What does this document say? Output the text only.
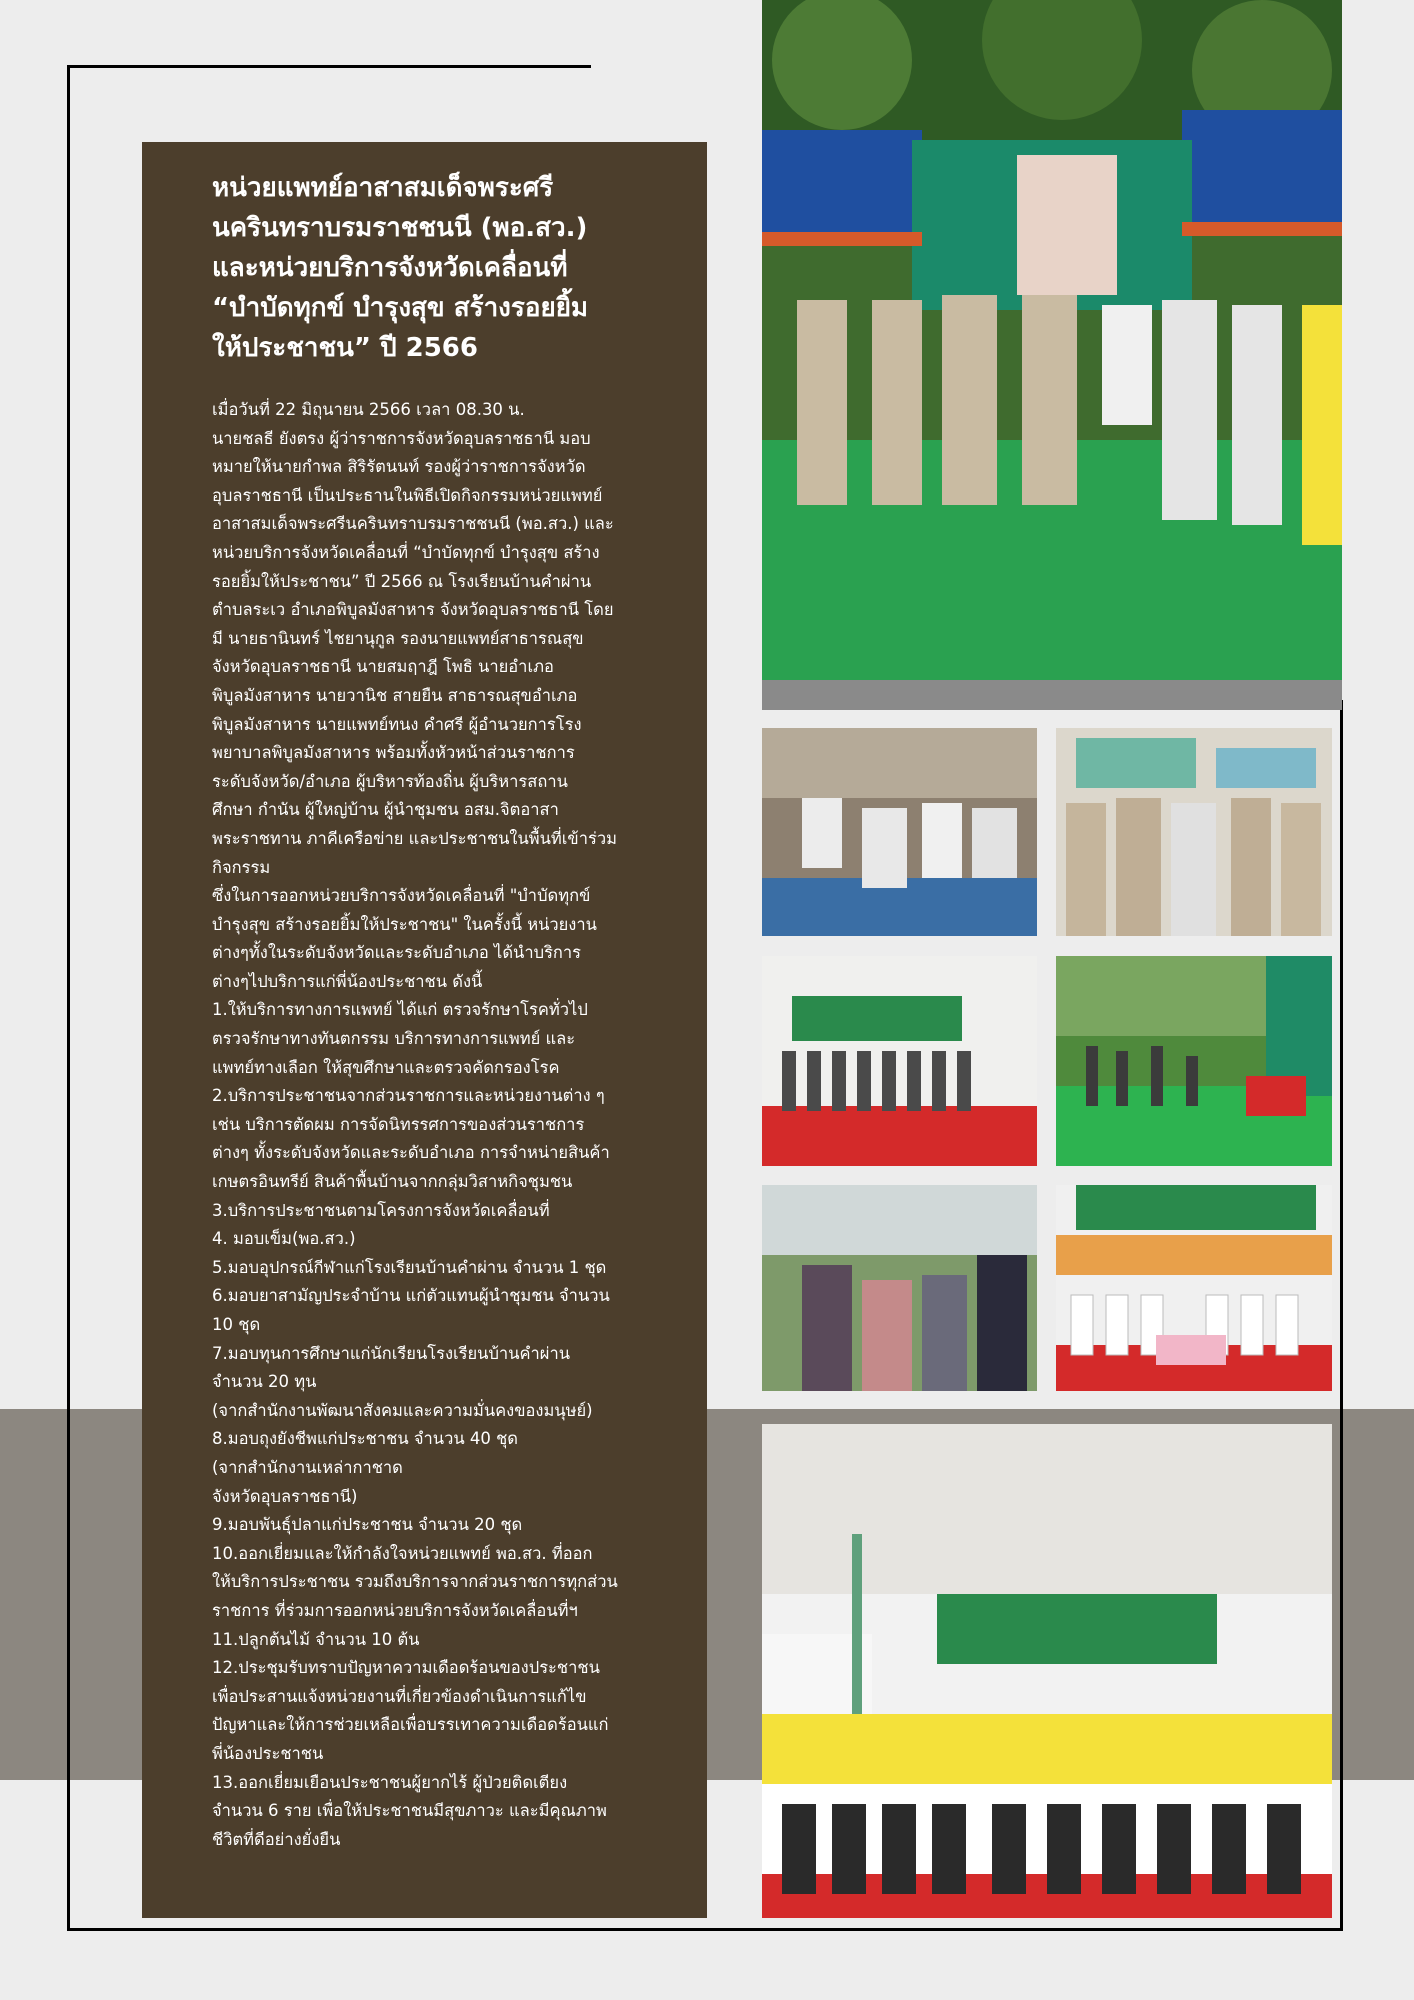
หน่วยแพทย์อาสาสมเด็จพระศรี
นครินทราบรมราชชนนี (พอ.สว.)
และหน่วยบริการจังหวัดเคลื่อนที่
“บำบัดทุกข์ บำรุงสุข สร้างรอยยิ้ม
ให้ประชาชน” ปี 2566
เมื่อวันที่ 22 มิถุนายน 2566 เวลา 08.30 น.
นายชลธี ยังตรง ผู้ว่าราชการจังหวัดอุบลราชธานี มอบ
หมายให้นายกำพล สิริรัตนนท์ รองผู้ว่าราชการจังหวัด
อุบลราชธานี เป็นประธานในพิธีเปิดกิจกรรมหน่วยแพทย์
อาสาสมเด็จพระศรีนครินทราบรมราชชนนี (พอ.สว.) และ
หน่วยบริการจังหวัดเคลื่อนที่ “บำบัดทุกข์ บำรุงสุข สร้าง
รอยยิ้มให้ประชาชน” ปี 2566 ณ โรงเรียนบ้านคำผ่าน
ตำบลระเว อำเภอพิบูลมังสาหาร จังหวัดอุบลราชธานี โดย
มี นายธานินทร์ ไชยานุกูล รองนายแพทย์สาธารณสุข
จังหวัดอุบลราชธานี นายสมฤาฎี โพธิ นายอำเภอ
พิบูลมังสาหาร นายวานิช สายยืน สาธารณสุขอำเภอ
พิบูลมังสาหาร นายแพทย์ทนง คำศรี ผู้อำนวยการโรง
พยาบาลพิบูลมังสาหาร พร้อมทั้งหัวหน้าส่วนราชการ
ระดับจังหวัด/อำเภอ ผู้บริหารท้องถิ่น ผู้บริหารสถาน
ศึกษา กำนัน ผู้ใหญ่บ้าน ผู้นำชุมชน อสม.จิตอาสา
พระราชทาน ภาคีเครือข่าย และประชาชนในพื้นที่เข้าร่วม
กิจกรรม
ซึ่งในการออกหน่วยบริการจังหวัดเคลื่อนที่ "บำบัดทุกข์
บำรุงสุข สร้างรอยยิ้มให้ประชาชน" ในครั้งนี้ หน่วยงาน
ต่างๆทั้งในระดับจังหวัดและระดับอำเภอ ได้นำบริการ
ต่างๆไปบริการแก่พี่น้องประชาชน ดังนี้
1.ให้บริการทางการแพทย์ ได้แก่ ตรวจรักษาโรคทั่วไป
ตรวจรักษาทางทันตกรรม บริการทางการแพทย์ และ
แพทย์ทางเลือก ให้สุขศึกษาและตรวจคัดกรองโรค
2.บริการประชาชนจากส่วนราชการและหน่วยงานต่าง ๆ
เช่น บริการตัดผม การจัดนิทรรศการของส่วนราชการ
ต่างๆ ทั้งระดับจังหวัดและระดับอำเภอ การจำหน่ายสินค้า
เกษตรอินทรีย์ สินค้าพื้นบ้านจากกลุ่มวิสาหกิจชุมชน
3.บริการประชาชนตามโครงการจังหวัดเคลื่อนที่
4. มอบเข็ม(พอ.สว.)
5.มอบอุปกรณ์กีฬาแก่โรงเรียนบ้านคำผ่าน จำนวน 1 ชุด
6.มอบยาสามัญประจำบ้าน แก่ตัวแทนผู้นำชุมชน จำนวน
10 ชุด
7.มอบทุนการศึกษาแก่นักเรียนโรงเรียนบ้านคำผ่าน
จำนวน 20 ทุน
(จากสำนักงานพัฒนาสังคมและความมั่นคงของมนุษย์)
8.มอบถุงยังชีพแก่ประชาชน จำนวน 40 ชุด
(จากสำนักงานเหล่ากาชาด
จังหวัดอุบลราชธานี)
9.มอบพันธุ์ปลาแก่ประชาชน จำนวน 20 ชุด
10.ออกเยี่ยมและให้กำลังใจหน่วยแพทย์ พอ.สว. ที่ออก
ให้บริการประชาชน รวมถึงบริการจากส่วนราชการทุกส่วน
ราชการ ที่ร่วมการออกหน่วยบริการจังหวัดเคลื่อนที่ฯ
11.ปลูกต้นไม้ จำนวน 10 ต้น
12.ประชุมรับทราบปัญหาความเดือดร้อนของประชาชน
เพื่อประสานแจ้งหน่วยงานที่เกี่ยวข้องดำเนินการแก้ไข
ปัญหาและให้การช่วยเหลือเพื่อบรรเทาความเดือดร้อนแก่
พี่น้องประชาชน
13.ออกเยี่ยมเยือนประชาชนผู้ยากไร้ ผู้ป่วยติดเตียง
จำนวน 6 ราย เพื่อให้ประชาชนมีสุขภาวะ และมีคุณภาพ
ชีวิตที่ดีอย่างยั่งยืน
